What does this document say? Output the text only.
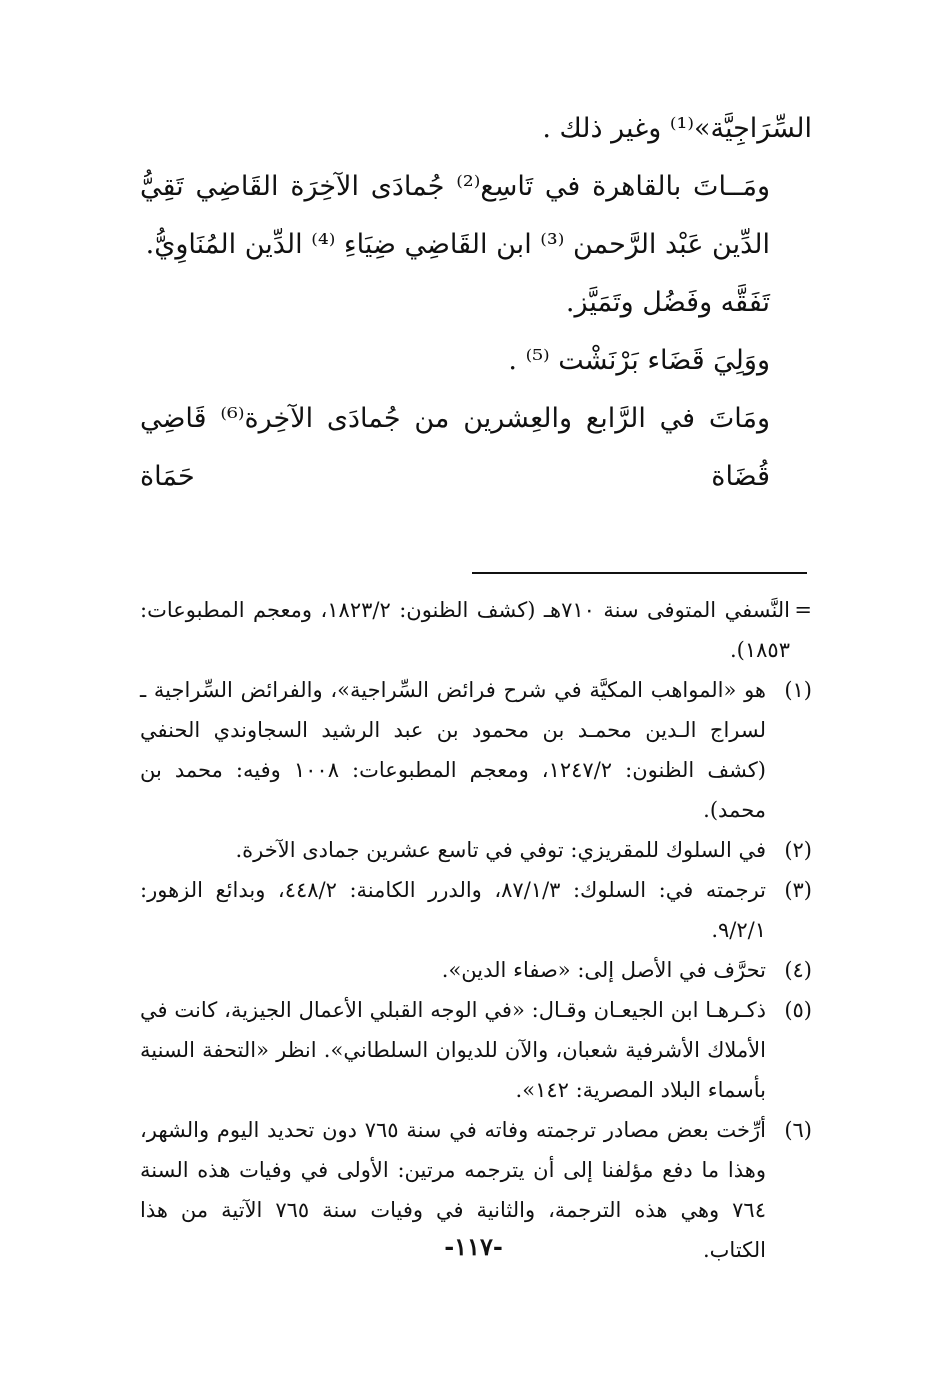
السِّرَاجِيَّة»⁽¹⁾ وغير ذلك .

ومَــاتَ بالقاهرة في تَاسِع⁽²⁾ جُمادَى الآخِرَة القَاضِي تَقِيُّ الدِّين عَبْد الرَّحمن ⁽³⁾ ابن القَاضِي ضِيَاءِ ⁽⁴⁾ الدِّين المُنَاوِيُّ.

تَفَقَّه وفَضُل وتَمَيَّز.

ووَلِيَ قَضَاء بَرْنَشْت ⁽⁵⁾ .

ومَاتَ في الرَّابع والعِشرين من جُمادَى الآخِرة⁽⁶⁾ قَاضِي قُضَاة حَمَاة

=
النَّسفي المتوفى سنة ٧١٠هـ (كشف الظنون: ١٨٢٣/٢، ومعجم المطبوعات: ١٨٥٣).
(١)
هو «المواهب المكيَّة في شرح فرائض السِّراجية»، والفرائض السِّراجية ـ لسراج الـدين محمـد بن محمود بن عبد الرشيد السجاوندي الحنفي (كشف الظنون: ١٢٤٧/٢، ومعجم المطبوعات: ١٠٠٨ وفيه: محمد بن محمد).
(٢)
في السلوك للمقريزي: توفي في تاسع عشرين جمادى الآخرة.
(٣)
ترجمته في: السلوك: ٨٧/١/٣، والدرر الكامنة: ٤٤٨/٢، وبدائع الزهور: ٩/٢/١.
(٤)
تحرَّف في الأصل إلى: «صفاء الدين».
(٥)
ذكـرهـا ابن الجيعـان وقـال: «في الوجه القبلي الأعمال الجيزية، كانت في الأملاك الأشرفية شعبان، والآن للديوان السلطاني». انظر «التحفة السنية بأسماء البلاد المصرية: ١٤٢».
(٦)
أرِّخت بعض مصادر ترجمته وفاته في سنة ٧٦٥ دون تحديد اليوم والشهر، وهذا ما دفع مؤلفنا إلى أن يترجمه مرتين: الأولى في وفيات هذه السنة ٧٦٤ وهي هذه الترجمة، والثانية في وفيات سنة ٧٦٥ الآتية من هذا الكتاب.
-١١٧-
